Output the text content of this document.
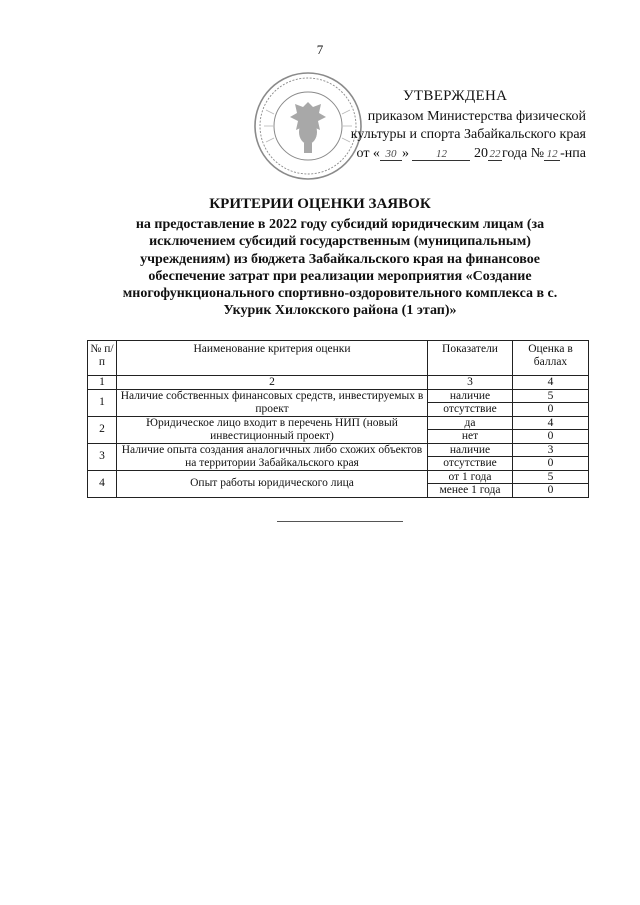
7
УТВЕРЖДЕНА
приказом Министерства физической
культуры и спорта Забайкальского края
от « 30 » 12 20 22 года № 12 -нпа
КРИТЕРИИ ОЦЕНКИ ЗАЯВОК

на предоставление в 2022 году субсидий юридическим лицам (за исключением субсидий государственным (муниципальным) учреждениям) из бюджета Забайкальского края на финансовое обеспечение затрат при реализации мероприятия «Создание многофункционального спортивно-оздоровительного комплекса в с. Укурик Хилокского района (1 этап)»

№ п/п	Наименование критерия оценки	Показатели	Оценка в баллах
1	2	3	4
1	Наличие собственных финансовых средств, инвестируемых в проект	наличие	5
		отсутствие	0
2	Юридическое лицо входит в перечень НИП (новый инвестиционный проект)	да	4
		нет	0
3	Наличие опыта создания аналогичных либо схожих объектов на территории Забайкальского края	наличие	3
		отсутствие	0
4	Опыт работы юридического лица	от 1 года	5
		менее 1 года	0
